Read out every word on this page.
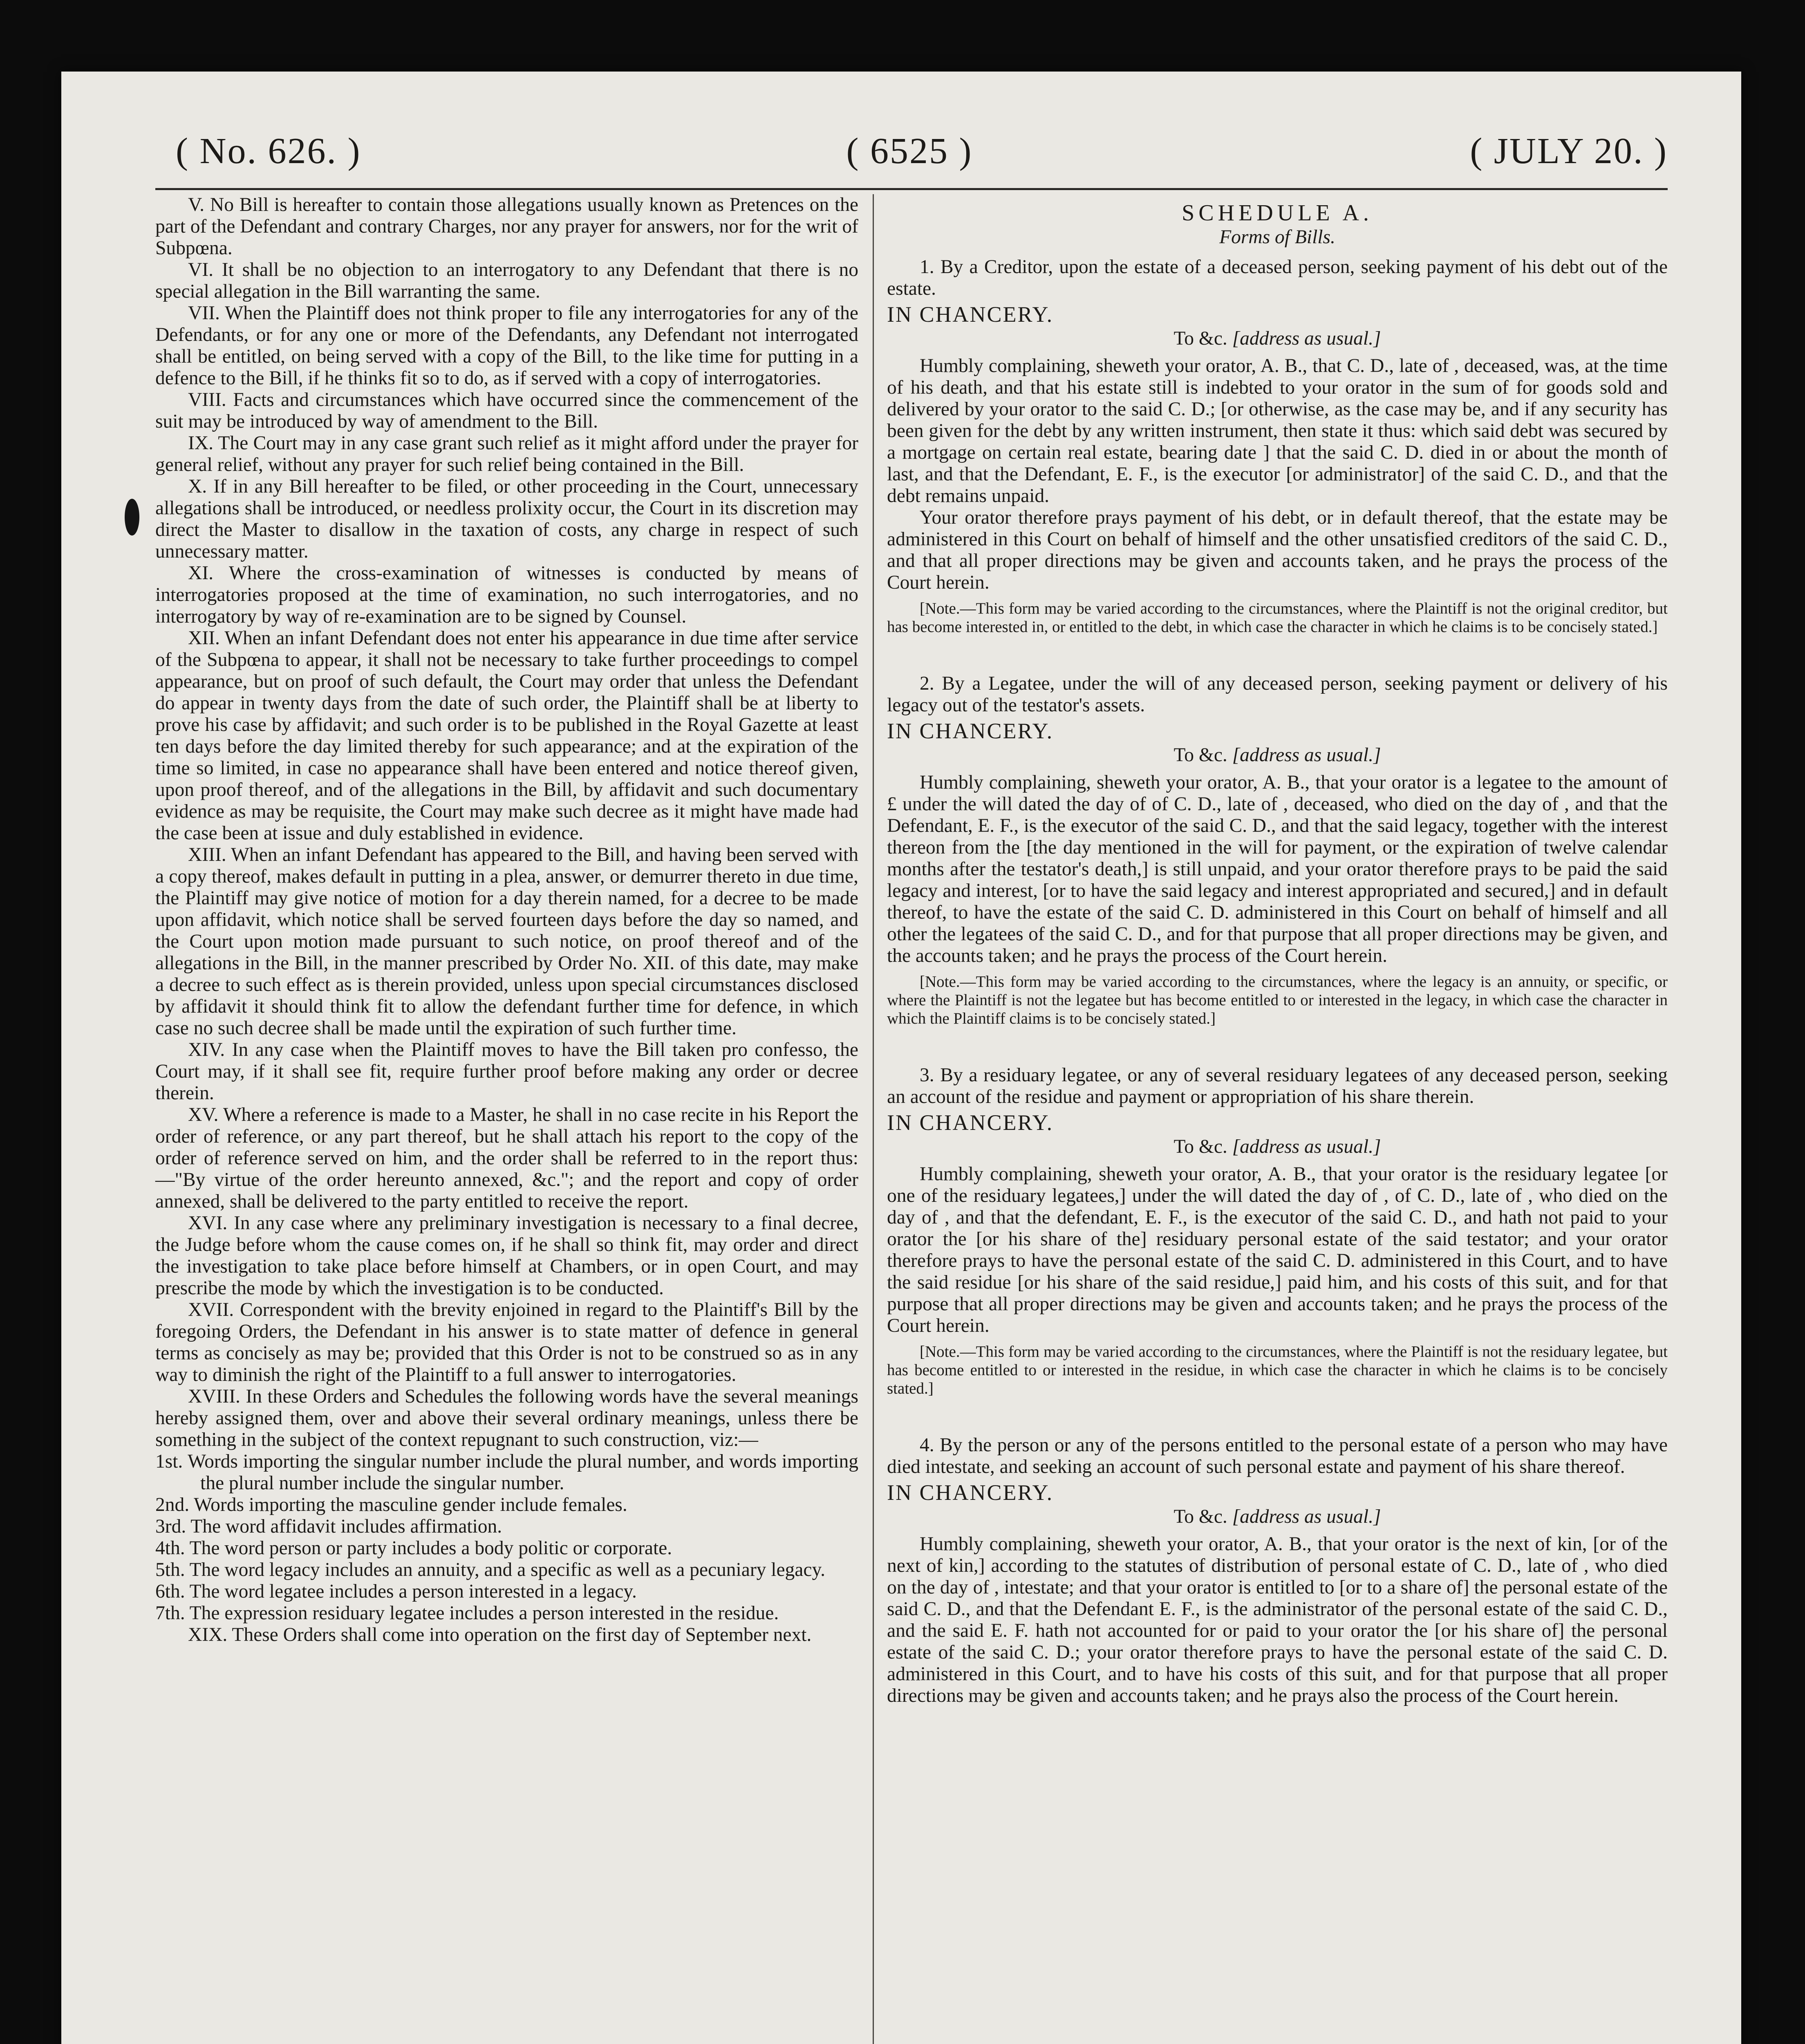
( No. 626. )	( 6525 )	( JULY 20. )

V. No Bill is hereafter to contain those allegations usually known as Pretences on the part of the Defendant and contrary Charges, nor any prayer for answers, nor for the writ of Subpœna.

VI. It shall be no objection to an interrogatory to any Defendant that there is no special allegation in the Bill warranting the same.

VII. When the Plaintiff does not think proper to file any interrogatories for any of the Defendants, or for any one or more of the Defendants, any Defendant not interrogated shall be entitled, on being served with a copy of the Bill, to the like time for putting in a defence to the Bill, if he thinks fit so to do, as if served with a copy of interrogatories.

VIII. Facts and circumstances which have occurred since the commencement of the suit may be introduced by way of amendment to the Bill.

IX. The Court may in any case grant such relief as it might afford under the prayer for general relief, without any prayer for such relief being contained in the Bill.

X. If in any Bill hereafter to be filed, or other proceeding in the Court, unnecessary allegations shall be introduced, or needless prolixity occur, the Court in its discretion may direct the Master to disallow in the taxation of costs, any charge in respect of such unnecessary matter.

XI. Where the cross-examination of witnesses is conducted by means of interrogatories proposed at the time of examination, no such interrogatories, and no interrogatory by way of re-examination are to be signed by Counsel.

XII. When an infant Defendant does not enter his appearance in due time after service of the Subpœna to appear, it shall not be necessary to take further proceedings to compel appearance, but on proof of such default, the Court may order that unless the Defendant do appear in twenty days from the date of such order, the Plaintiff shall be at liberty to prove his case by affidavit; and such order is to be published in the Royal Gazette at least ten days before the day limited thereby for such appearance; and at the expiration of the time so limited, in case no appearance shall have been entered and notice thereof given, upon proof thereof, and of the allegations in the Bill, by affidavit and such documentary evidence as may be requisite, the Court may make such decree as it might have made had the case been at issue and duly established in evidence.

XIII. When an infant Defendant has appeared to the Bill, and having been served with a copy thereof, makes default in putting in a plea, answer, or demurrer thereto in due time, the Plaintiff may give notice of motion for a day therein named, for a decree to be made upon affidavit, which notice shall be served fourteen days before the day so named, and the Court upon motion made pursuant to such notice, on proof thereof and of the allegations in the Bill, in the manner prescribed by Order No. XII. of this date, may make a decree to such effect as is therein provided, unless upon special circumstances disclosed by affidavit it should think fit to allow the defendant further time for defence, in which case no such decree shall be made until the expiration of such further time.

XIV. In any case when the Plaintiff moves to have the Bill taken pro confesso, the Court may, if it shall see fit, require further proof before making any order or decree therein.

XV. Where a reference is made to a Master, he shall in no case recite in his Report the order of reference, or any part thereof, but he shall attach his report to the copy of the order of reference served on him, and the order shall be referred to in the report thus:—"By virtue of the order hereunto annexed, &c."; and the report and copy of order annexed, shall be delivered to the party entitled to receive the report.

XVI. In any case where any preliminary investigation is necessary to a final decree, the Judge before whom the cause comes on, if he shall so think fit, may order and direct the investigation to take place before himself at Chambers, or in open Court, and may prescribe the mode by which the investigation is to be conducted.

XVII. Correspondent with the brevity enjoined in regard to the Plaintiff's Bill by the foregoing Orders, the Defendant in his answer is to state matter of defence in general terms as concisely as may be; provided that this Order is not to be construed so as in any way to diminish the right of the Plaintiff to a full answer to interrogatories.

XVIII. In these Orders and Schedules the following words have the several meanings hereby assigned them, over and above their several ordinary meanings, unless there be something in the subject of the context repugnant to such construction, viz:—

1st. Words importing the singular number include the plural number, and words importing the plural number include the singular number.

2nd. Words importing the masculine gender include females.

3rd. The word affidavit includes affirmation.

4th. The word person or party includes a body politic or corporate.

5th. The word legacy includes an annuity, and a specific as well as a pecuniary legacy.

6th. The word legatee includes a person interested in a legacy.

7th. The expression residuary legatee includes a person interested in the residue.

XIX. These Orders shall come into operation on the first day of September next.

SCHEDULE A.
Forms of Bills.

1. By a Creditor, upon the estate of a deceased person, seeking payment of his debt out of the estate.

IN CHANCERY.
To &c. [address as usual.]

Humbly complaining, sheweth your orator, A. B., that C. D., late of , deceased, was, at the time of his death, and that his estate still is indebted to your orator in the sum of for goods sold and delivered by your orator to the said C. D.; [or otherwise, as the case may be, and if any security has been given for the debt by any written instrument, then state it thus: which said debt was secured by a mortgage on certain real estate, bearing date ] that the said C. D. died in or about the month of last, and that the Defendant, E. F., is the executor [or administrator] of the said C. D., and that the debt remains unpaid.

Your orator therefore prays payment of his debt, or in default thereof, that the estate may be administered in this Court on behalf of himself and the other unsatisfied creditors of the said C. D., and that all proper directions may be given and accounts taken, and he prays the process of the Court herein.

[Note.—This form may be varied according to the circumstances, where the Plaintiff is not the original creditor, but has become interested in, or entitled to the debt, in which case the character in which he claims is to be concisely stated.]

2. By a Legatee, under the will of any deceased person, seeking payment or delivery of his legacy out of the testator's assets.

IN CHANCERY.
To &c. [address as usual.]

Humbly complaining, sheweth your orator, A. B., that your orator is a legatee to the amount of £ under the will dated the day of of C. D., late of , deceased, who died on the day of , and that the Defendant, E. F., is the executor of the said C. D., and that the said legacy, together with the interest thereon from the [the day mentioned in the will for payment, or the expiration of twelve calendar months after the testator's death,] is still unpaid, and your orator therefore prays to be paid the said legacy and interest, [or to have the said legacy and interest appropriated and secured,] and in default thereof, to have the estate of the said C. D. administered in this Court on behalf of himself and all other the legatees of the said C. D., and for that purpose that all proper directions may be given, and the accounts taken; and he prays the process of the Court herein.

[Note.—This form may be varied according to the circumstances, where the legacy is an annuity, or specific, or where the Plaintiff is not the legatee but has become entitled to or interested in the legacy, in which case the character in which the Plaintiff claims is to be concisely stated.]

3. By a residuary legatee, or any of several residuary legatees of any deceased person, seeking an account of the residue and payment or appropriation of his share therein.

IN CHANCERY.
To &c. [address as usual.]

Humbly complaining, sheweth your orator, A. B., that your orator is the residuary legatee [or one of the residuary legatees,] under the will dated the day of , of C. D., late of , who died on the day of , and that the defendant, E. F., is the executor of the said C. D., and hath not paid to your orator the [or his share of the] residuary personal estate of the said testator; and your orator therefore prays to have the personal estate of the said C. D. administered in this Court, and to have the said residue [or his share of the said residue,] paid him, and his costs of this suit, and for that purpose that all proper directions may be given and accounts taken; and he prays the process of the Court herein.

[Note.—This form may be varied according to the circumstances, where the Plaintiff is not the residuary legatee, but has become entitled to or interested in the residue, in which case the character in which he claims is to be concisely stated.]

4. By the person or any of the persons entitled to the personal estate of a person who may have died intestate, and seeking an account of such personal estate and payment of his share thereof.

IN CHANCERY.
To &c. [address as usual.]

Humbly complaining, sheweth your orator, A. B., that your orator is the next of kin, [or of the next of kin,] according to the statutes of distribution of personal estate of C. D., late of , who died on the day of , intestate; and that your orator is entitled to [or to a share of] the personal estate of the said C. D., and that the Defendant E. F., is the administrator of the personal estate of the said C. D., and the said E. F. hath not accounted for or paid to your orator the [or his share of] the personal estate of the said C. D.; your orator therefore prays to have the personal estate of the said C. D. administered in this Court, and to have his costs of this suit, and for that purpose that all proper directions may be given and accounts taken; and he prays also the process of the Court herein.
